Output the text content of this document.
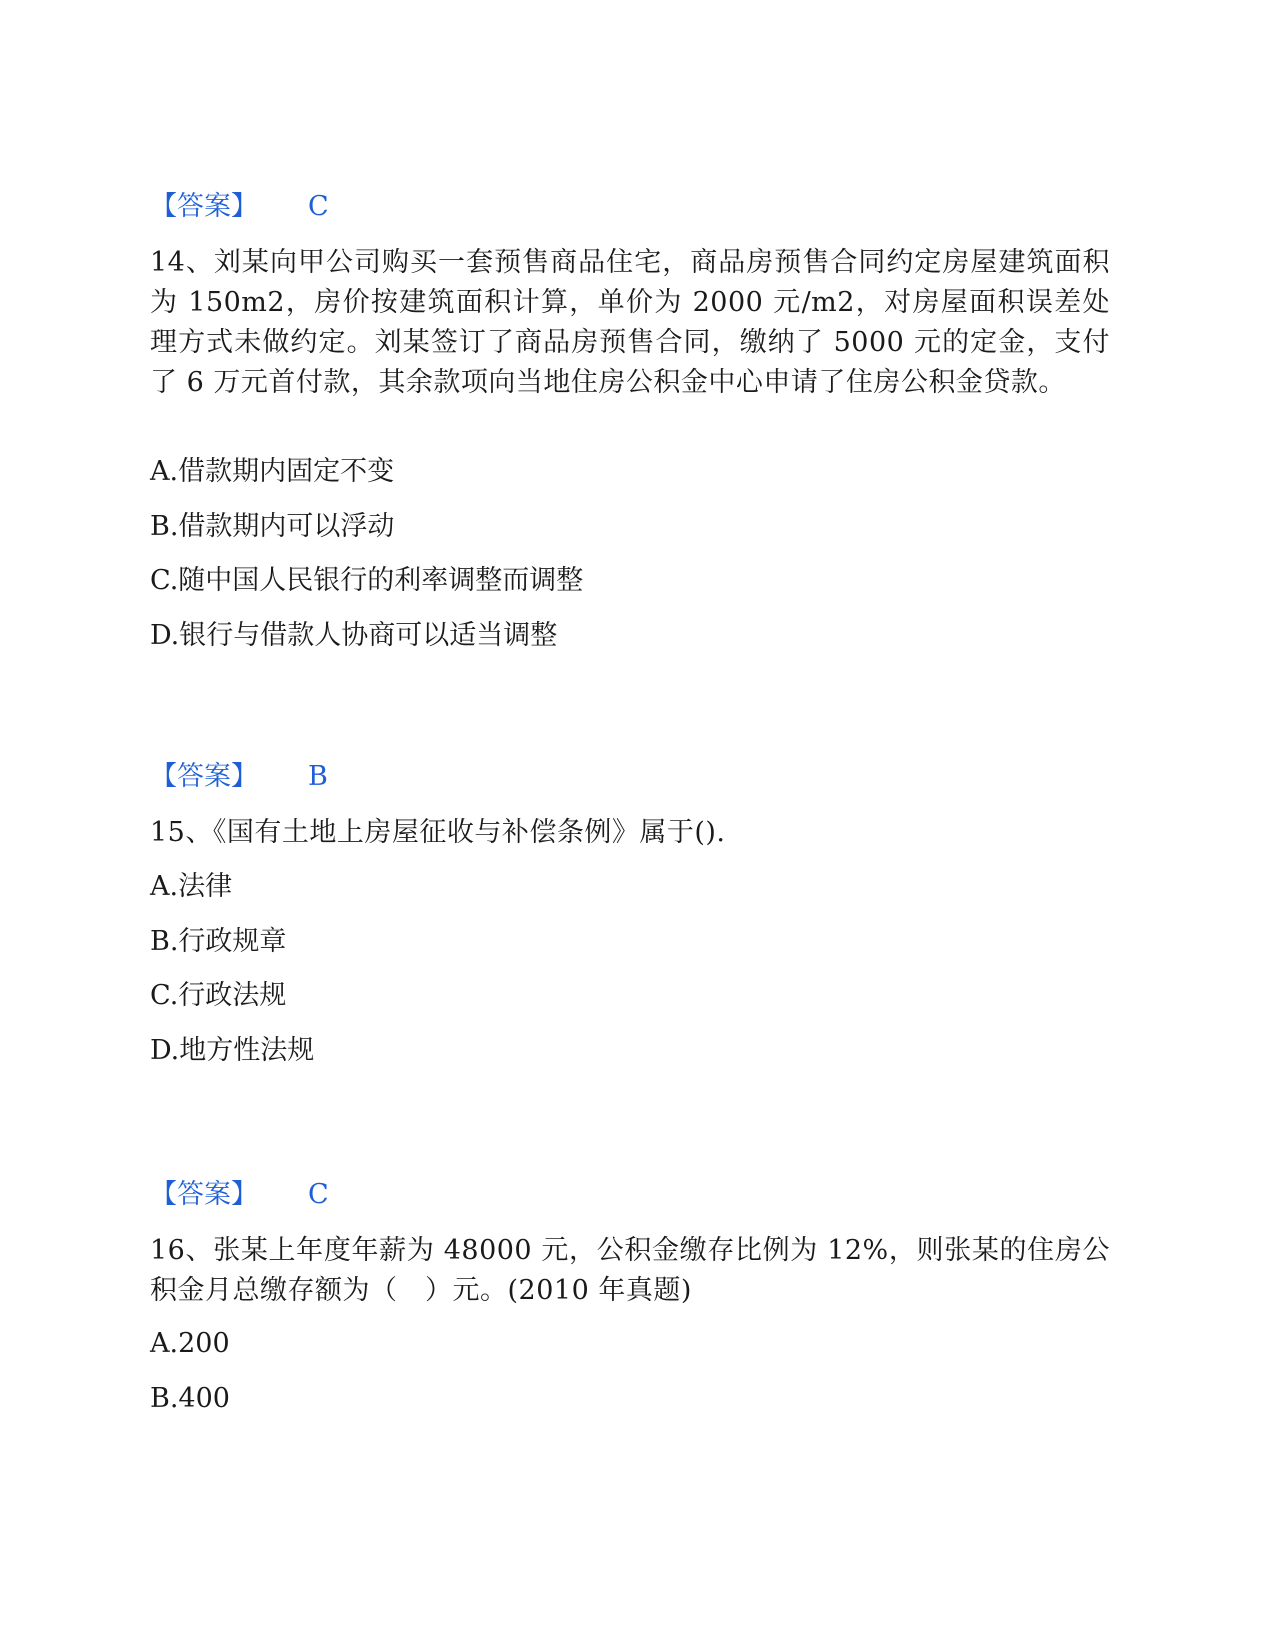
【答案】 C
14、刘某向甲公司购买一套预售商品住宅，商品房预售合同约定房屋建筑面积为 150m2，房价按建筑面积计算，单价为 2000 元/m2，对房屋面积误差处理方式未做约定。刘某签订了商品房预售合同，缴纳了 5000 元的定金，支付了 6 万元首付款，其余款项向当地住房公积金中心申请了住房公积金贷款。
A.借款期内固定不变
B.借款期内可以浮动
C.随中国人民银行的利率调整而调整
D.银行与借款人协商可以适当调整
【答案】 B
15、《国有土地上房屋征收与补偿条例》属于().
A.法律
B.行政规章
C.行政法规
D.地方性法规
【答案】 C
16、张某上年度年薪为 48000 元，公积金缴存比例为 12%，则张某的住房公积金月总缴存额为（　）元。(2010 年真题)
A.200
B.400
